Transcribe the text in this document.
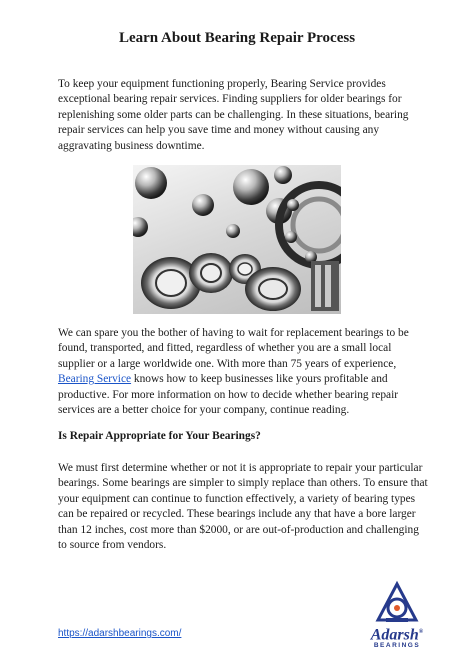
Learn About Bearing Repair Process

To keep your equipment functioning properly, Bearing Service provides exceptional bearing repair services. Finding suppliers for older bearings for replenishing some older parts can be challenging. In these situations, bearing repair services can help you save time and money without causing any aggravating business downtime.

We can spare you the bother of having to wait for replacement bearings to be found, transported, and fitted, regardless of whether you are a small local supplier or a large worldwide one. With more than 75 years of experience, Bearing Service knows how to keep businesses like yours profitable and productive. For more information on how to decide whether bearing repair services are a better choice for your company, continue reading.

Is Repair Appropriate for Your Bearings?

We must first determine whether or not it is appropriate to repair your particular bearings. Some bearings are simpler to simply replace than others. To ensure that your equipment can continue to function effectively, a variety of bearing types can be repaired or recycled. These bearings include any that have a bore larger than 12 inches, cost more than $2000, or are out-of-production and challenging to source from vendors.

https://adarshbearings.com/	Adarsh®
BEARINGS
